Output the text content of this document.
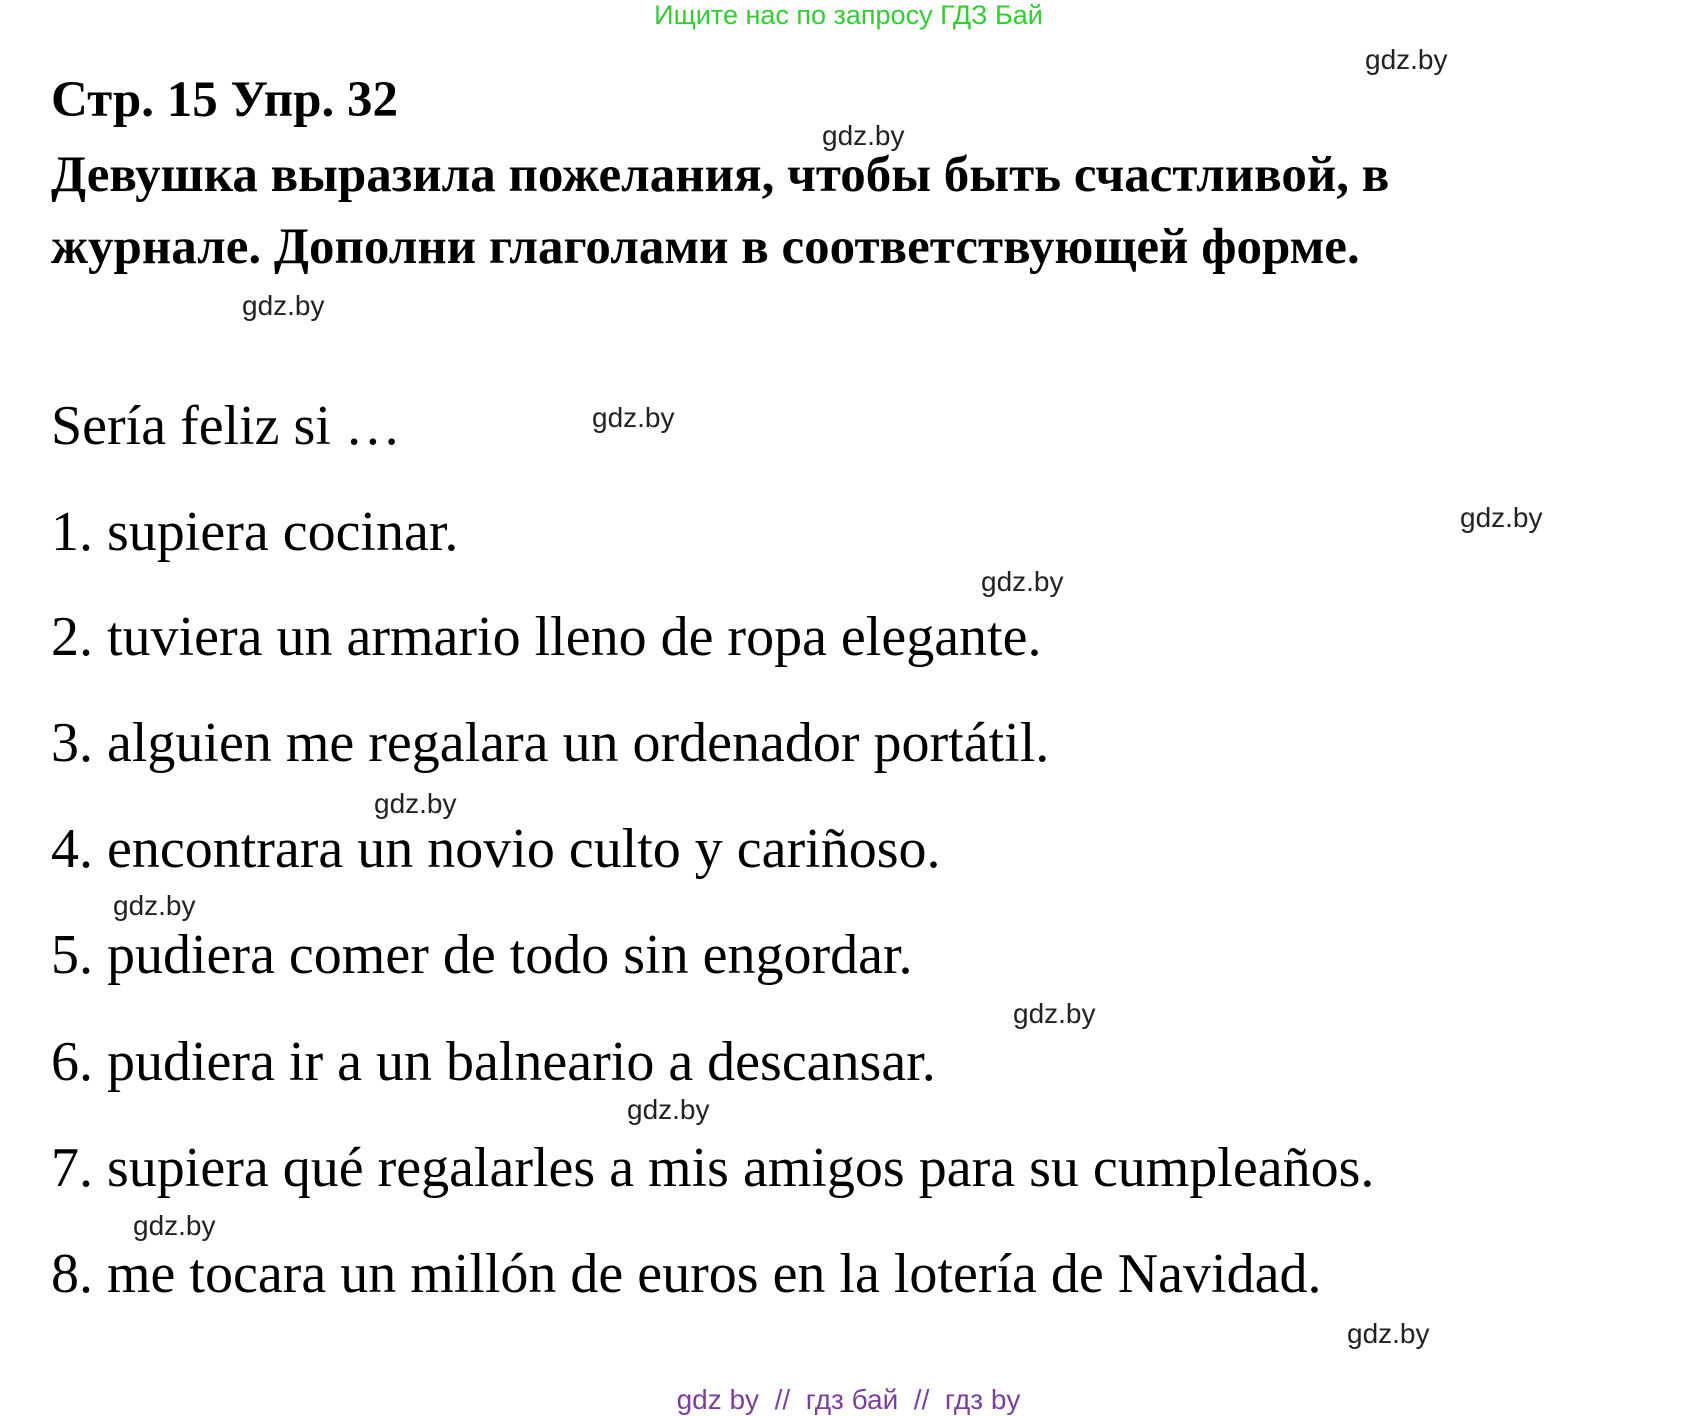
Ищите нас по запросу ГДЗ Бай
Стр. 15 Упр. 32
Девушка выразила пожелания, чтобы быть счастливой, в
журнале. Дополни глаголами в соответствующей форме.
Sería feliz si …
1. supiera cocinar.
2. tuviera un armario lleno de ropa elegante.
3. alguien me regalara un ordenador portátil.
4. encontrara un novio culto y cariñoso.
5. pudiera comer de todo sin engordar.
6. pudiera ir a un balneario a descansar.
7. supiera qué regalarles a mis amigos para su cumpleaños.
8. me tocara un millón de euros en la lotería de Navidad.
gdz.by
gdz.by
gdz.by
gdz.by
gdz.by
gdz.by
gdz.by
gdz.by
gdz.by
gdz.by
gdz.by
gdz.by
gdz by  //  гдз бай  //  гдз by
